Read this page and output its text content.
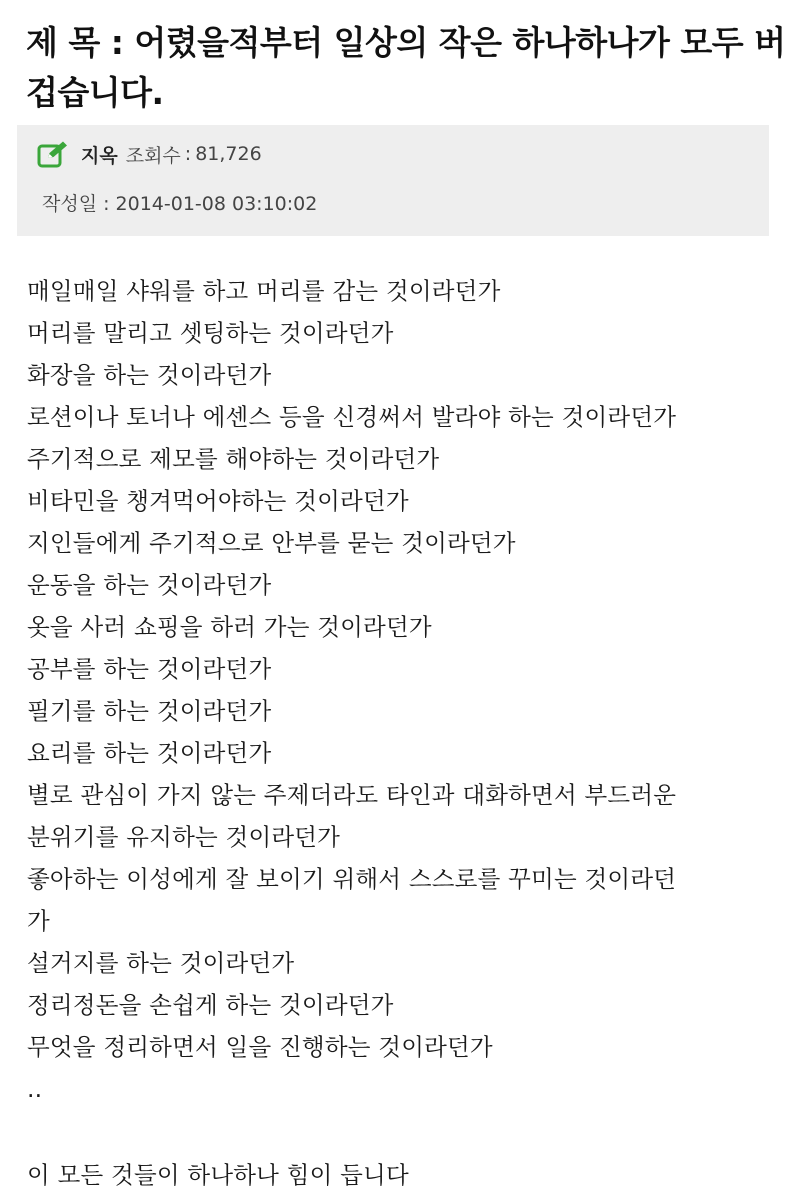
제 목 : 어렸을적부터 일상의 작은 하나하나가 모두 버겁습니다.
지옥 조회수 : 81,726
작성일 : 2014-01-08 03:10:02
매일매일 샤워를 하고 머리를 감는 것이라던가
머리를 말리고 셋팅하는 것이라던가
화장을 하는 것이라던가
로션이나 토너나 에센스 등을 신경써서 발라야 하는 것이라던가
주기적으로 제모를 해야하는 것이라던가
비타민을 챙겨먹어야하는 것이라던가
지인들에게 주기적으로 안부를 묻는 것이라던가
운동을 하는 것이라던가
옷을 사러 쇼핑을 하러 가는 것이라던가
공부를 하는 것이라던가
필기를 하는 것이라던가
요리를 하는 것이라던가
별로 관심이 가지 않는 주제더라도 타인과 대화하면서 부드러운
분위기를 유지하는 것이라던가
좋아하는 이성에게 잘 보이기 위해서 스스로를 꾸미는 것이라던
가
설거지를 하는 것이라던가
정리정돈을 손쉽게 하는 것이라던가
무엇을 정리하면서 일을 진행하는 것이라던가
..
이 모든 것들이 하나하나 힘이 듭니다
